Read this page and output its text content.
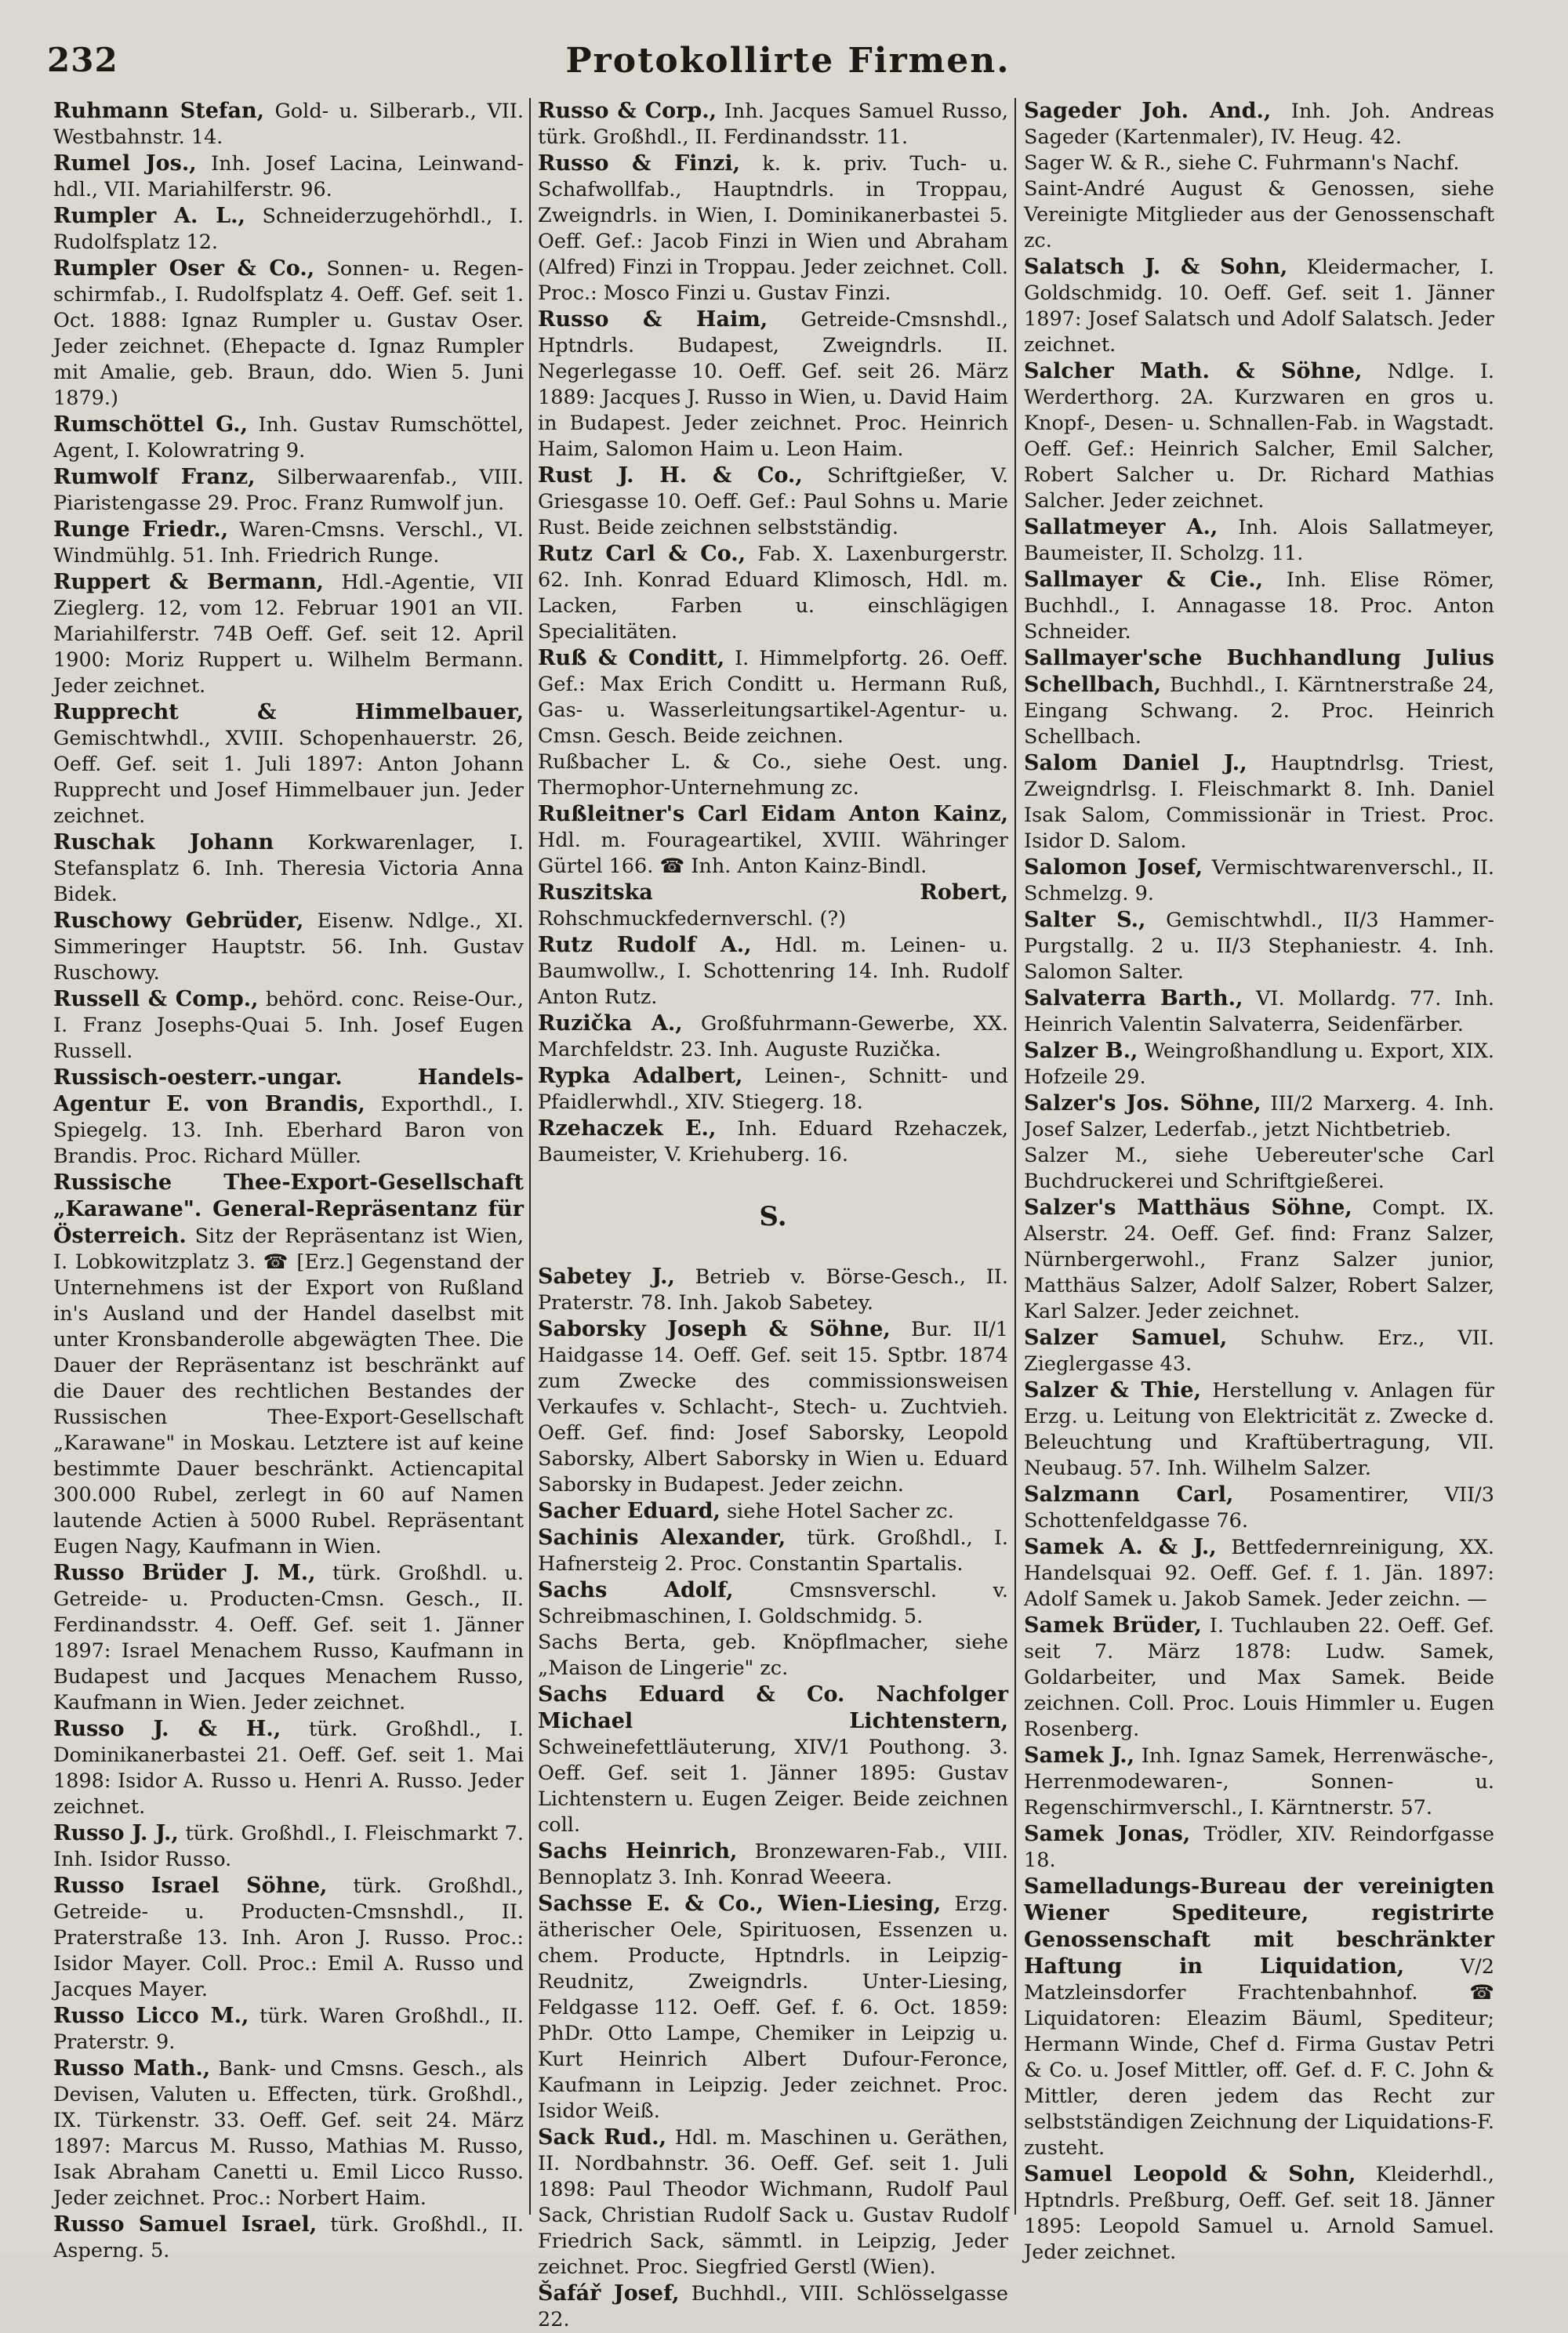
232	Protokollirte Firmen.

Ruhmann Stefan, Gold- u. Silberarb., VII. Westbahnstr. 14.

Rumel Jos., Inh. Josef Lacina, Leinwand-hdl., VII. Mariahilferstr. 96.

Rumpler A. L., Schneiderzugehörhdl., I. Rudolfsplatz 12.

Rumpler Oser & Co., Sonnen- u. Regen-schirmfab., I. Rudolfsplatz 4. Oeff. Gef. seit 1. Oct. 1888: Ignaz Rumpler u. Gustav Oser. Jeder zeichnet. (Ehepacte d. Ignaz Rumpler mit Amalie, geb. Braun, ddo. Wien 5. Juni 1879.)

Rumschöttel G., Inh. Gustav Rumschöttel, Agent, I. Kolowratring 9.

Rumwolf Franz, Silberwaarenfab., VIII. Piaristengasse 29. Proc. Franz Rumwolf jun.

Runge Friedr., Waren-Cmsns. Verschl., VI. Windmühlg. 51. Inh. Friedrich Runge.

Ruppert & Bermann, Hdl.-Agentie, VII Zieglerg. 12, vom 12. Februar 1901 an VII. Mariahilferstr. 74B Oeff. Gef. seit 12. April 1900: Moriz Ruppert u. Wilhelm Bermann. Jeder zeichnet.

Rupprecht & Himmelbauer, Gemischtwhdl., XVIII. Schopenhauerstr. 26, Oeff. Gef. seit 1. Juli 1897: Anton Johann Rupprecht und Josef Himmelbauer jun. Jeder zeichnet.

Ruschak Johann Korkwarenlager, I. Stefansplatz 6. Inh. Theresia Victoria Anna Bidek.

Ruschowy Gebrüder, Eisenw. Ndlge., XI. Simmeringer Hauptstr. 56. Inh. Gustav Ruschowy.

Russell & Comp., behörd. conc. Reise-Our., I. Franz Josephs-Quai 5. Inh. Josef Eugen Russell.

Russisch-oesterr.-ungar. Handels-Agentur E. von Brandis, Exporthdl., I. Spiegelg. 13. Inh. Eberhard Baron von Brandis. Proc. Richard Müller.

Russische Thee-Export-Gesellschaft „Karawane". General-Repräsentanz für Österreich. Sitz der Repräsentanz ist Wien, I. Lobkowitzplatz 3. ☎ [Erz.] Gegenstand der Unternehmens ist der Export von Rußland in's Ausland und der Handel daselbst mit unter Kronsbanderolle abgewägten Thee. Die Dauer der Repräsentanz ist beschränkt auf die Dauer des rechtlichen Bestandes der Russischen Thee-Export-Gesellschaft „Karawane" in Moskau. Letztere ist auf keine bestimmte Dauer beschränkt. Actiencapital 300.000 Rubel, zerlegt in 60 auf Namen lautende Actien à 5000 Rubel. Repräsentant Eugen Nagy, Kaufmann in Wien.

Russo Brüder J. M., türk. Großhdl. u. Getreide- u. Producten-Cmsn. Gesch., II. Ferdinandsstr. 4. Oeff. Gef. seit 1. Jänner 1897: Israel Menachem Russo, Kaufmann in Budapest und Jacques Menachem Russo, Kaufmann in Wien. Jeder zeichnet.

Russo J. & H., türk. Großhdl., I. Dominikanerbastei 21. Oeff. Gef. seit 1. Mai 1898: Isidor A. Russo u. Henri A. Russo. Jeder zeichnet.

Russo J. J., türk. Großhdl., I. Fleischmarkt 7. Inh. Isidor Russo.

Russo Israel Söhne, türk. Großhdl., Getreide- u. Producten-Cmsnshdl., II. Praterstraße 13. Inh. Aron J. Russo. Proc.: Isidor Mayer. Coll. Proc.: Emil A. Russo und Jacques Mayer.

Russo Licco M., türk. Waren Großhdl., II. Praterstr. 9.

Russo Math., Bank- und Cmsns. Gesch., als Devisen, Valuten u. Effecten, türk. Großhdl., IX. Türkenstr. 33. Oeff. Gef. seit 24. März 1897: Marcus M. Russo, Mathias M. Russo, Isak Abraham Canetti u. Emil Licco Russo. Jeder zeichnet. Proc.: Norbert Haim.

Russo Samuel Israel, türk. Großhdl., II. Asperng. 5.

Russo & Corp., Inh. Jacques Samuel Russo, türk. Großhdl., II. Ferdinandsstr. 11.

Russo & Finzi, k. k. priv. Tuch- u. Schafwollfab., Hauptndrls. in Troppau, Zweigndrls. in Wien, I. Dominikanerbastei 5. Oeff. Gef.: Jacob Finzi in Wien und Abraham (Alfred) Finzi in Troppau. Jeder zeichnet. Coll. Proc.: Mosco Finzi u. Gustav Finzi.

Russo & Haim, Getreide-Cmsnshdl., Hptndrls. Budapest, Zweigndrls. II. Negerlegasse 10. Oeff. Gef. seit 26. März 1889: Jacques J. Russo in Wien, u. David Haim in Budapest. Jeder zeichnet. Proc. Heinrich Haim, Salomon Haim u. Leon Haim.

Rust J. H. & Co., Schriftgießer, V. Griesgasse 10. Oeff. Gef.: Paul Sohns u. Marie Rust. Beide zeichnen selbstständig.

Rutz Carl & Co., Fab. X. Laxenburgerstr. 62. Inh. Konrad Eduard Klimosch, Hdl. m. Lacken, Farben u. einschlägigen Specialitäten.

Ruß & Conditt, I. Himmelpfortg. 26. Oeff. Gef.: Max Erich Conditt u. Hermann Ruß, Gas- u. Wasserleitungsartikel-Agentur- u. Cmsn. Gesch. Beide zeichnen.

Rußbacher L. & Co., siehe Oest. ung. Thermophor-Unternehmung zc.

Rußleitner's Carl Eidam Anton Kainz, Hdl. m. Fourageartikel, XVIII. Währinger Gürtel 166. ☎ Inh. Anton Kainz-Bindl.

Ruszitska Robert, Rohschmuckfedernverschl. (?)

Rutz Rudolf A., Hdl. m. Leinen- u. Baumwollw., I. Schottenring 14. Inh. Rudolf Anton Rutz.

Ruzička A., Großfuhrmann-Gewerbe, XX. Marchfeldstr. 23. Inh. Auguste Ruzička.

Rypka Adalbert, Leinen-, Schnitt- und Pfaidlerwhdl., XIV. Stiegerg. 18.

Rzehaczek E., Inh. Eduard Rzehaczek, Baumeister, V. Kriehuberg. 16.

S.

Sabetey J., Betrieb v. Börse-Gesch., II. Praterstr. 78. Inh. Jakob Sabetey.

Saborsky Joseph & Söhne, Bur. II/1 Haidgasse 14. Oeff. Gef. seit 15. Sptbr. 1874 zum Zwecke des commissionsweisen Verkaufes v. Schlacht-, Stech- u. Zuchtvieh. Oeff. Gef. find: Josef Saborsky, Leopold Saborsky, Albert Saborsky in Wien u. Eduard Saborsky in Budapest. Jeder zeichn.

Sacher Eduard, siehe Hotel Sacher zc.

Sachinis Alexander, türk. Großhdl., I. Hafnersteig 2. Proc. Constantin Spartalis.

Sachs Adolf,	Cmsnsverschl. v. Schreibmaschinen, I. Goldschmidg. 5.

Sachs Berta, geb. Knöpflmacher, siehe „Maison de Lingerie" zc.

Sachs Eduard & Co. Nachfolger Michael Lichtenstern, Schweinefettläuterung, XIV/1 Pouthong. 3. Oeff. Gef. seit 1. Jänner 1895: Gustav Lichtenstern u. Eugen Zeiger. Beide zeichnen coll.

Sachs Heinrich, Bronzewaren-Fab., VIII. Bennoplatz 3. Inh. Konrad Weeera.

Sachsse E. & Co., Wien-Liesing, Erzg. ätherischer Oele, Spirituosen, Essenzen u. chem. Producte, Hptndrls. in Leipzig-Reudnitz, Zweigndrls. Unter-Liesing, Feldgasse 112. Oeff. Gef. f. 6. Oct. 1859: PhDr. Otto Lampe, Chemiker in Leipzig u. Kurt Heinrich Albert Dufour-Feronce, Kaufmann in Leipzig. Jeder zeichnet. Proc. Isidor Weiß.

Sack Rud., Hdl. m. Maschinen u. Geräthen, II. Nordbahnstr. 36. Oeff. Gef. seit 1. Juli 1898: Paul Theodor Wichmann, Rudolf Paul Sack, Christian Rudolf Sack u. Gustav Rudolf Friedrich Sack, sämmtl. in Leipzig, Jeder zeichnet. Proc. Siegfried Gerstl (Wien).

Šafář Josef, Buchhdl., VIII. Schlösselgasse 22.

Sageder Joh. And., Inh. Joh. Andreas Sageder (Kartenmaler), IV. Heug. 42.

Sager W. & R., siehe C. Fuhrmann's Nachf.

Saint-André August & Genossen, siehe Vereinigte Mitglieder aus der Genossenschaft zc.

Salatsch J. & Sohn, Kleidermacher, I. Goldschmidg. 10. Oeff. Gef. seit 1. Jänner 1897: Josef Salatsch und Adolf Salatsch. Jeder zeichnet.

Salcher Math. & Söhne, Ndlge. I. Werderthorg. 2A. Kurzwaren en gros u. Knopf-, Desen- u. Schnallen-Fab. in Wagstadt. Oeff. Gef.: Heinrich Salcher, Emil Salcher, Robert Salcher u. Dr. Richard Mathias Salcher. Jeder zeichnet.

Sallatmeyer A., Inh. Alois Sallatmeyer, Baumeister, II. Scholzg. 11.

Sallmayer & Cie., Inh. Elise Römer, Buchhdl., I. Annagasse 18. Proc. Anton Schneider.

Sallmayer'sche Buchhandlung Julius Schellbach, Buchhdl., I. Kärntnerstraße 24, Eingang Schwang. 2. Proc. Heinrich Schellbach.

Salom Daniel J., Hauptndrlsg. Triest, Zweigndrlsg. I. Fleischmarkt 8. Inh. Daniel Isak Salom, Commissionär in Triest. Proc. Isidor D. Salom.

Salomon Josef, Vermischtwarenverschl., II. Schmelzg. 9.

Salter S., Gemischtwhdl., II/3 Hammer-Purgstallg. 2 u. II/3 Stephaniestr. 4. Inh. Salomon Salter.

Salvaterra Barth., VI. Mollardg. 77. Inh. Heinrich Valentin Salvaterra, Seidenfärber.

Salzer B., Weingroßhandlung u. Export, XIX. Hofzeile 29.

Salzer's Jos. Söhne, III/2 Marxerg. 4. Inh. Josef Salzer, Lederfab., jetzt Nichtbetrieb.

Salzer M., siehe Uebereuter'sche Carl Buchdruckerei und Schriftgießerei.

Salzer's Matthäus Söhne, Compt. IX. Alserstr. 24. Oeff. Gef. find: Franz Salzer, Nürnbergerwohl., Franz Salzer junior, Matthäus Salzer, Adolf Salzer, Robert Salzer, Karl Salzer. Jeder zeichnet.

Salzer Samuel, Schuhw. Erz., VII. Zieglergasse 43.

Salzer & Thie, Herstellung v. Anlagen für Erzg. u. Leitung von Elektricität z. Zwecke d. Beleuchtung und Kraftübertragung, VII. Neubaug. 57. Inh. Wilhelm Salzer.

Salzmann Carl, Posamentirer, VII/3 Schottenfeldgasse 76.

Samek A. & J., Bettfedernreinigung, XX. Handelsquai 92. Oeff. Gef. f. 1. Jän. 1897: Adolf Samek u. Jakob Samek. Jeder zeichn. —

Samek Brüder, I. Tuchlauben 22. Oeff. Gef. seit 7. März 1878: Ludw. Samek, Goldarbeiter, und Max Samek. Beide zeichnen. Coll. Proc. Louis Himmler u. Eugen Rosenberg.

Samek J., Inh. Ignaz Samek, Herrenwäsche-, Herrenmodewaren-, Sonnen- u. Regenschirmverschl., I. Kärntnerstr. 57.

Samek Jonas, Trödler, XIV. Reindorfgasse 18.

Samelladungs-Bureau der vereinigten Wiener Spediteure, registrirte Genossenschaft mit beschränkter Haftung in Liquidation,	V/2 Matzleinsdorfer Frachtenbahnhof. ☎ Liquidatoren: Eleazim Bäuml, Spediteur; Hermann Winde, Chef d. Firma Gustav Petri & Co. u. Josef Mittler, off. Gef. d. F. C. John & Mittler, deren jedem das Recht zur selbstständigen Zeichnung der Liquidations-F. zusteht.

Samuel Leopold & Sohn, Kleiderhdl., Hptndrls. Preßburg, Oeff. Gef. seit 18. Jänner 1895: Leopold Samuel u. Arnold Samuel. Jeder zeichnet.
